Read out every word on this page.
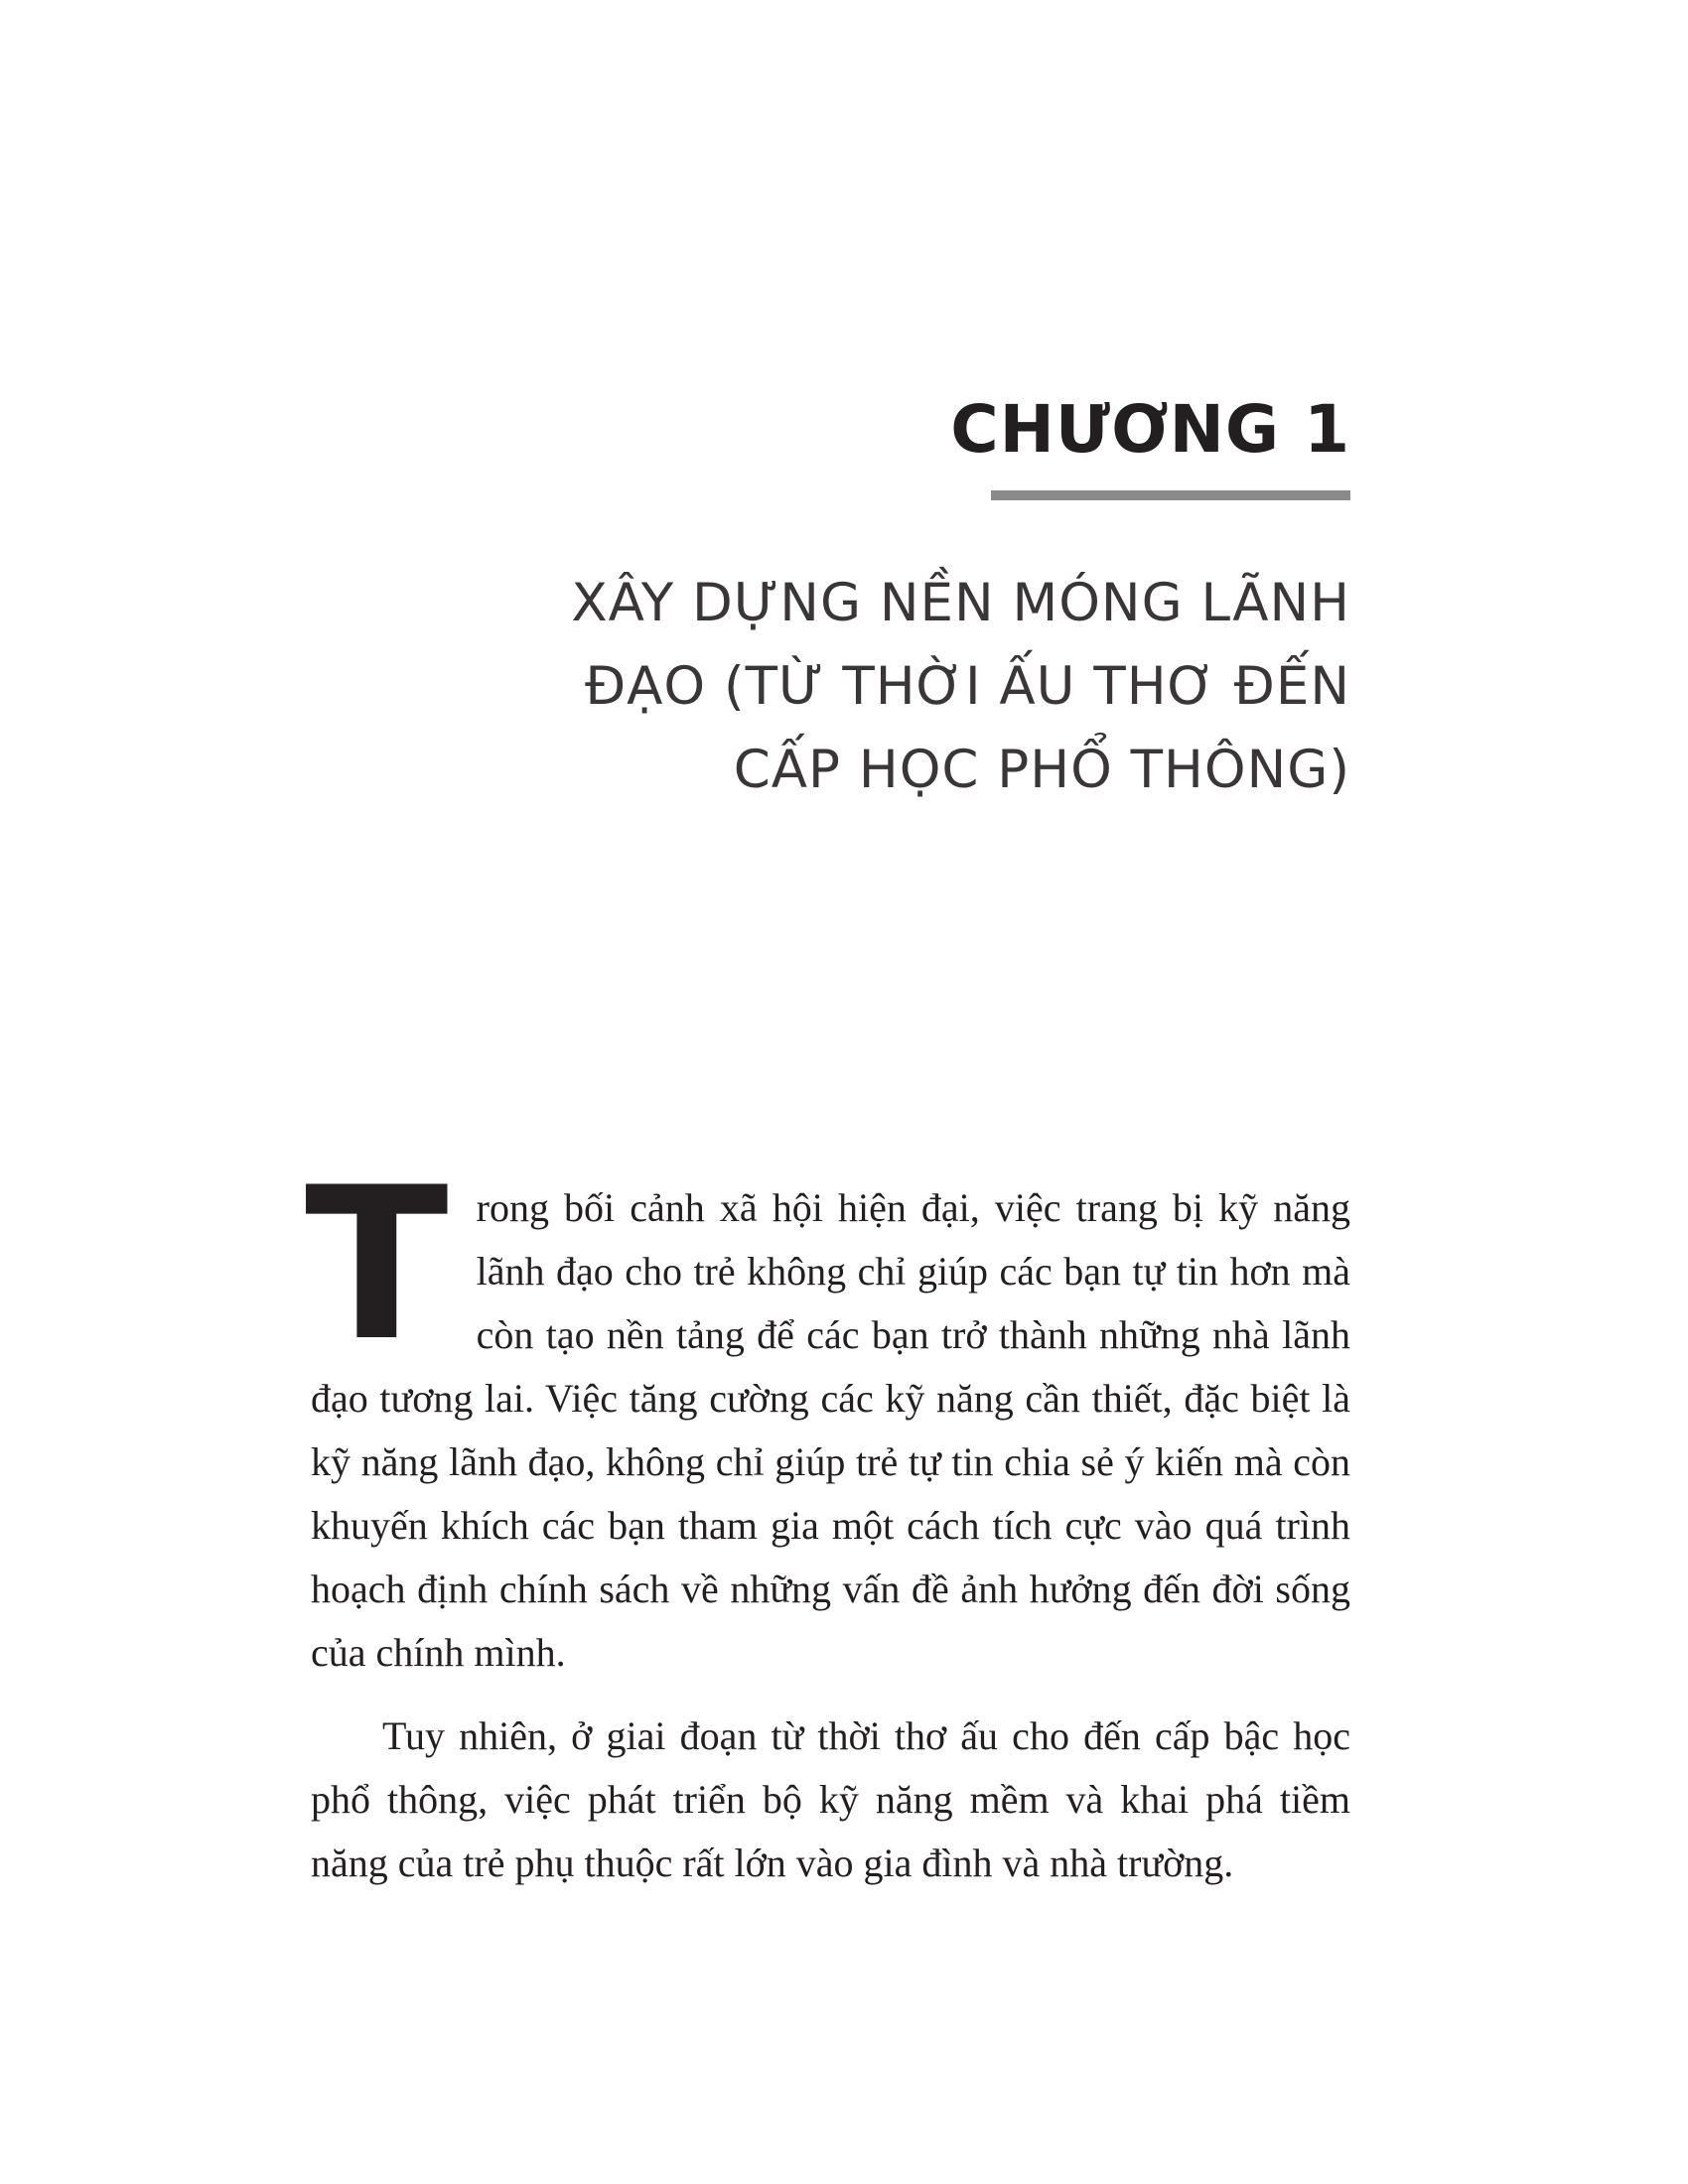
CHƯƠNG 1
XÂY DỰNG NỀN MÓNG LÃNH
ĐẠO (TỪ THỜI ẤU THƠ ĐẾN
CẤP HỌC PHỔ THÔNG)

Trong bối cảnh xã hội hiện đại, việc trang bị kỹ năng lãnh đạo cho trẻ không chỉ giúp các bạn tự tin hơn mà còn tạo nền tảng để các bạn trở thành những nhà lãnh đạo tương lai. Việc tăng cường các kỹ năng cần thiết, đặc biệt là kỹ năng lãnh đạo, không chỉ giúp trẻ tự tin chia sẻ ý kiến mà còn khuyến khích các bạn tham gia một cách tích cực vào quá trình hoạch định chính sách về những vấn đề ảnh hưởng đến đời sống của chính mình.

Tuy nhiên, ở giai đoạn từ thời thơ ấu cho đến cấp bậc học phổ thông, việc phát triển bộ kỹ năng mềm và khai phá tiềm năng của trẻ phụ thuộc rất lớn vào gia đình và nhà trường.
